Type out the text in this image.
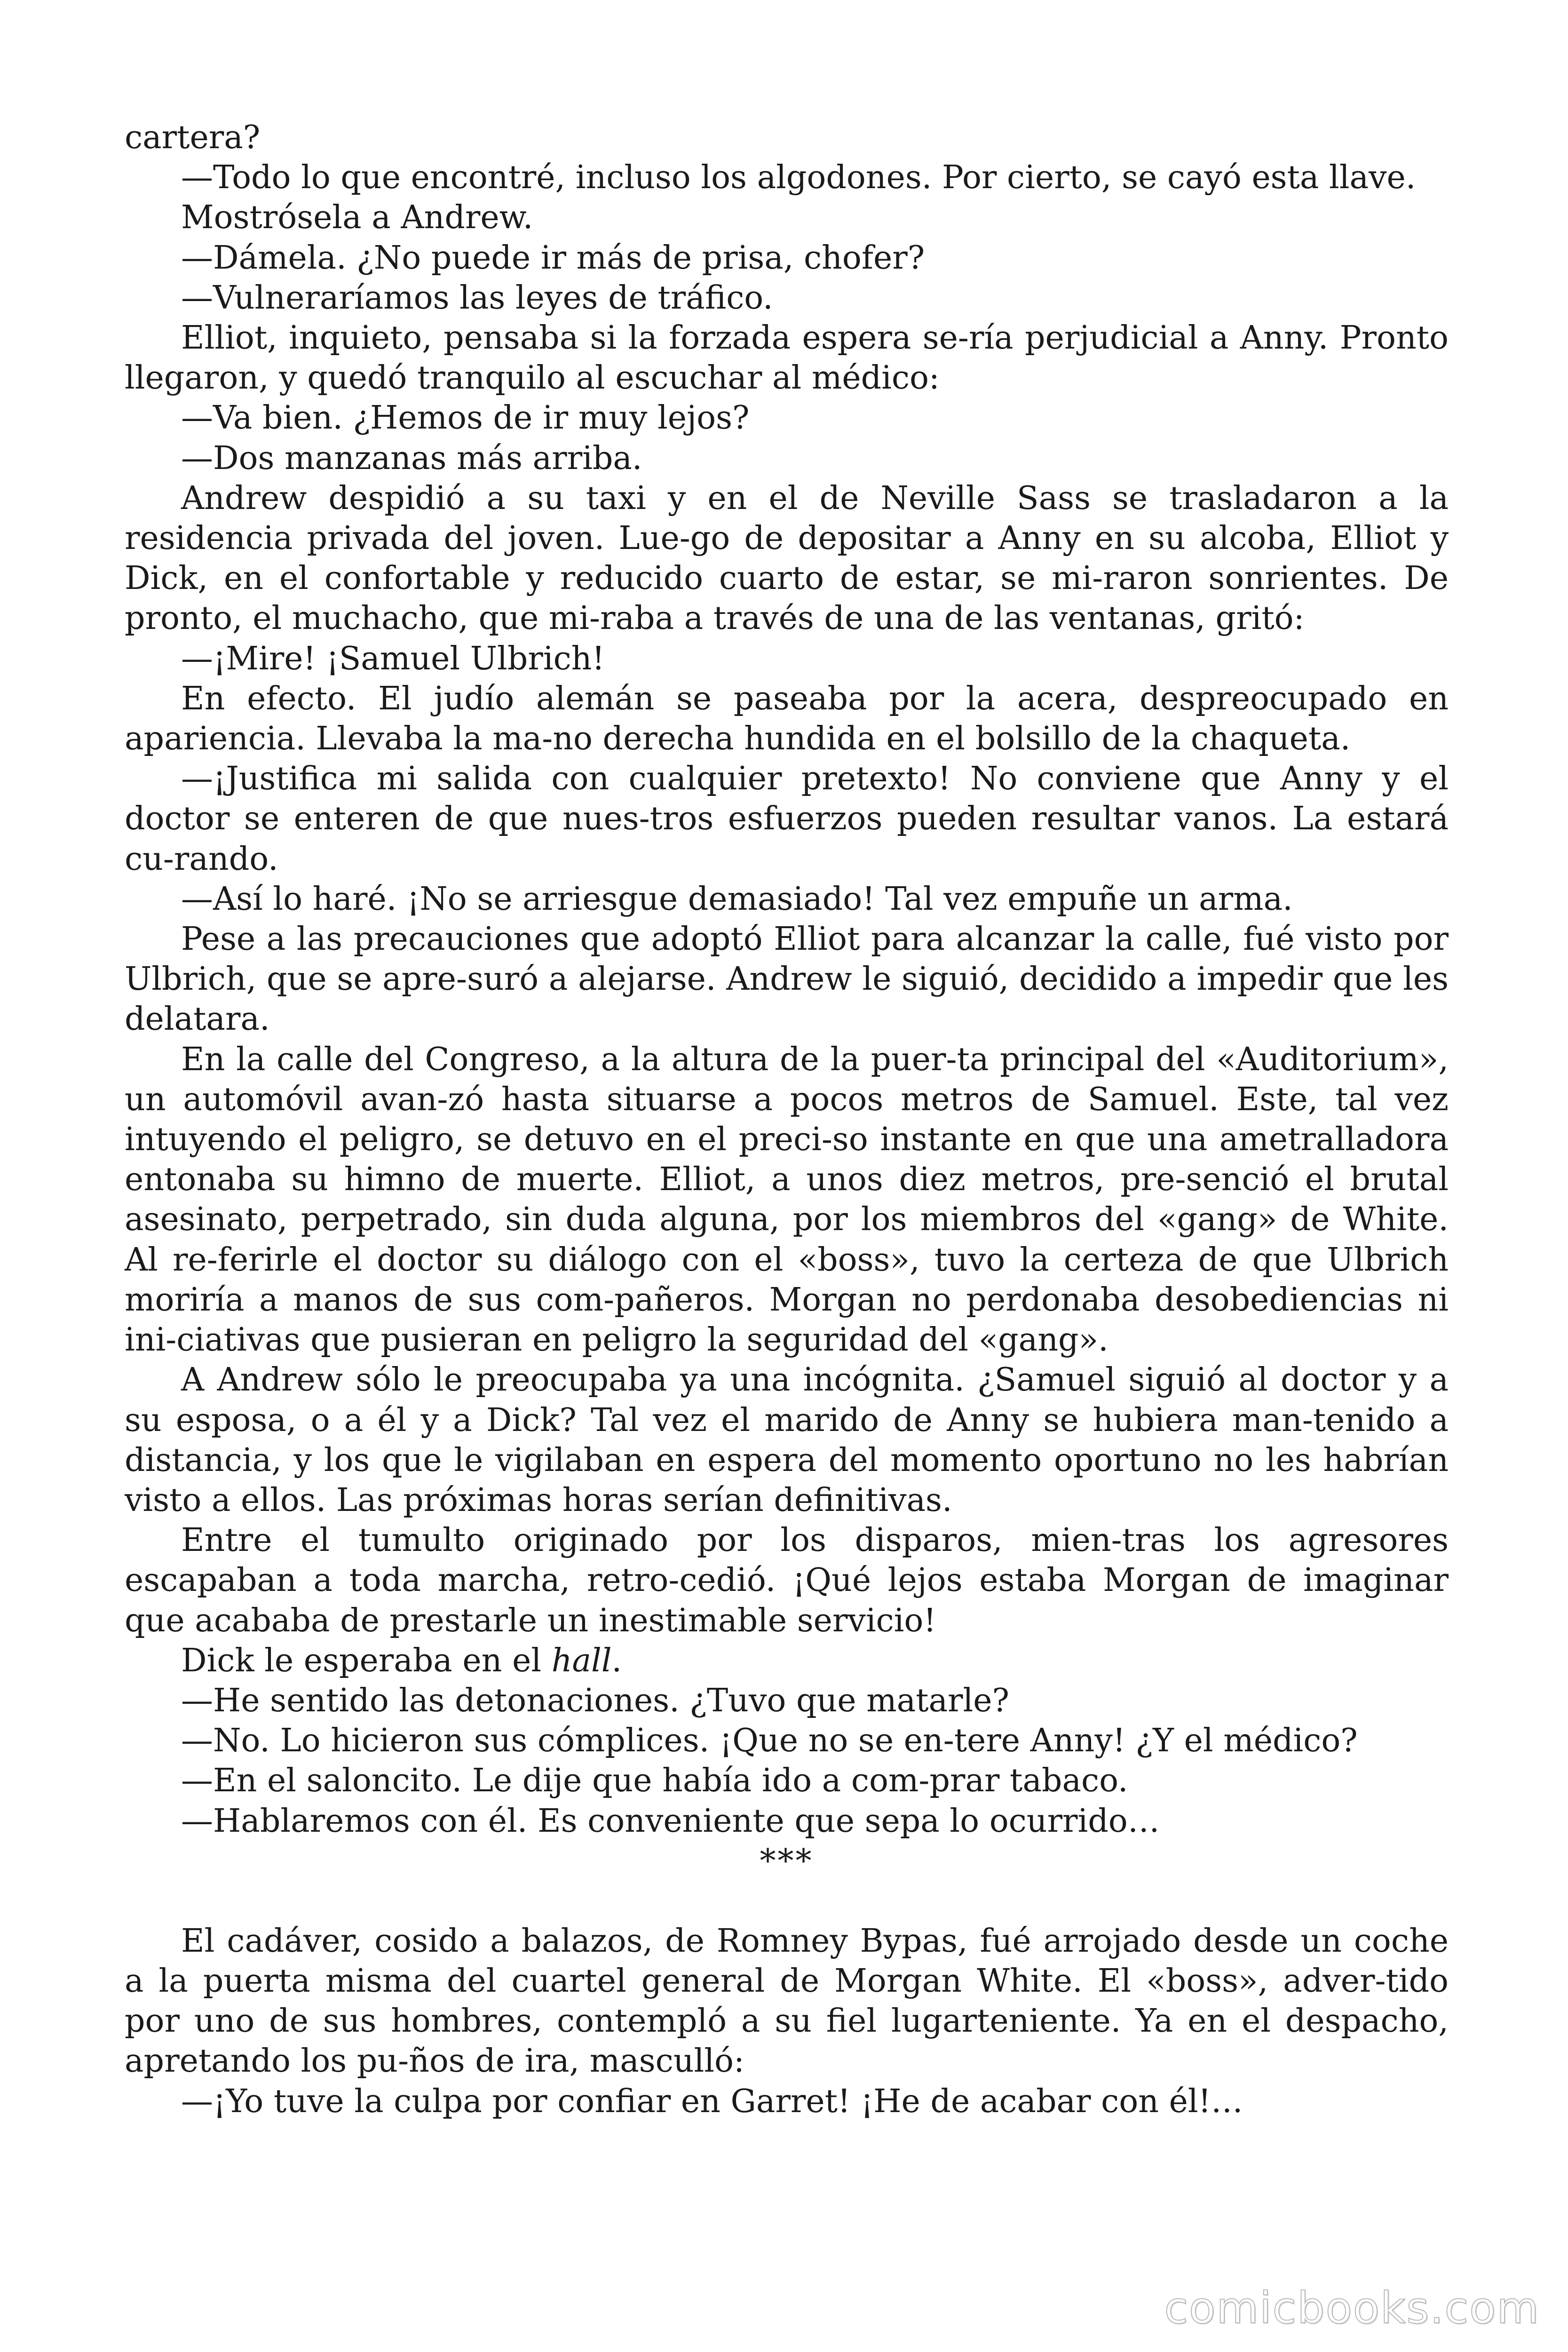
cartera?

—Todo lo que encontré, incluso los algodones. Por cierto, se cayó esta llave.

Mostrósela a Andrew.

—Dámela. ¿No puede ir más de prisa, chofer?

—Vulneraríamos las leyes de tráfico.

Elliot, inquieto, pensaba si la forzada espera se-ría perjudicial a Anny. Pronto llegaron, y quedó tranquilo al escuchar al médico:

—Va bien. ¿Hemos de ir muy lejos?

—Dos manzanas más arriba.

Andrew despidió a su taxi y en el de Neville Sass se trasladaron a la residencia privada del joven. Lue-go de depositar a Anny en su alcoba, Elliot y Dick, en el confortable y reducido cuarto de estar, se mi-raron sonrientes. De pronto, el muchacho, que mi-raba a través de una de las ventanas, gritó:

—¡Mire! ¡Samuel Ulbrich!

En efecto. El judío alemán se paseaba por la acera, despreocupado en apariencia. Llevaba la ma-no derecha hundida en el bolsillo de la chaqueta.

—¡Justifica mi salida con cualquier pretexto! No conviene que Anny y el doctor se enteren de que nues-tros esfuerzos pueden resultar vanos. La estará cu-rando.

—Así lo haré. ¡No se arriesgue demasiado! Tal vez empuñe un arma.

Pese a las precauciones que adoptó Elliot para alcanzar la calle, fué visto por Ulbrich, que se apre-suró a alejarse. Andrew le siguió, decidido a impedir que les delatara.

En la calle del Congreso, a la altura de la puer-ta principal del «Auditorium», un automóvil avan-zó hasta situarse a pocos metros de Samuel. Este, tal vez intuyendo el peligro, se detuvo en el preci-so instante en que una ametralladora entonaba su himno de muerte. Elliot, a unos diez metros, pre-senció el brutal asesinato, perpetrado, sin duda alguna, por los miembros del «gang» de White. Al re-ferirle el doctor su diálogo con el «boss», tuvo la certeza de que Ulbrich moriría a manos de sus com-pañeros. Morgan no perdonaba desobediencias ni ini-ciativas que pusieran en peligro la seguridad del «gang».

A Andrew sólo le preocupaba ya una incógnita. ¿Samuel siguió al doctor y a su esposa, o a él y a Dick? Tal vez el marido de Anny se hubiera man-tenido a distancia, y los que le vigilaban en espera del momento oportuno no les habrían visto a ellos. Las próximas horas serían definitivas.

Entre el tumulto originado por los disparos, mien-tras los agresores escapaban a toda marcha, retro-cedió. ¡Qué lejos estaba Morgan de imaginar que acababa de prestarle un inestimable servicio!

Dick le esperaba en el hall.

—He sentido las detonaciones. ¿Tuvo que matarle?

—No. Lo hicieron sus cómplices. ¡Que no se en-tere Anny! ¿Y el médico?

—En el saloncito. Le dije que había ido a com-prar tabaco.

—Hablaremos con él. Es conveniente que sepa lo ocurrido…

***

El cadáver, cosido a balazos, de Romney Bypas, fué arrojado desde un coche a la puerta misma del cuartel general de Morgan White. El «boss», adver-tido por uno de sus hombres, contempló a su fiel lugarteniente. Ya en el despacho, apretando los pu-ños de ira, masculló:

—¡Yo tuve la culpa por confiar en Garret! ¡He de acabar con él!…

comicbooks.com
